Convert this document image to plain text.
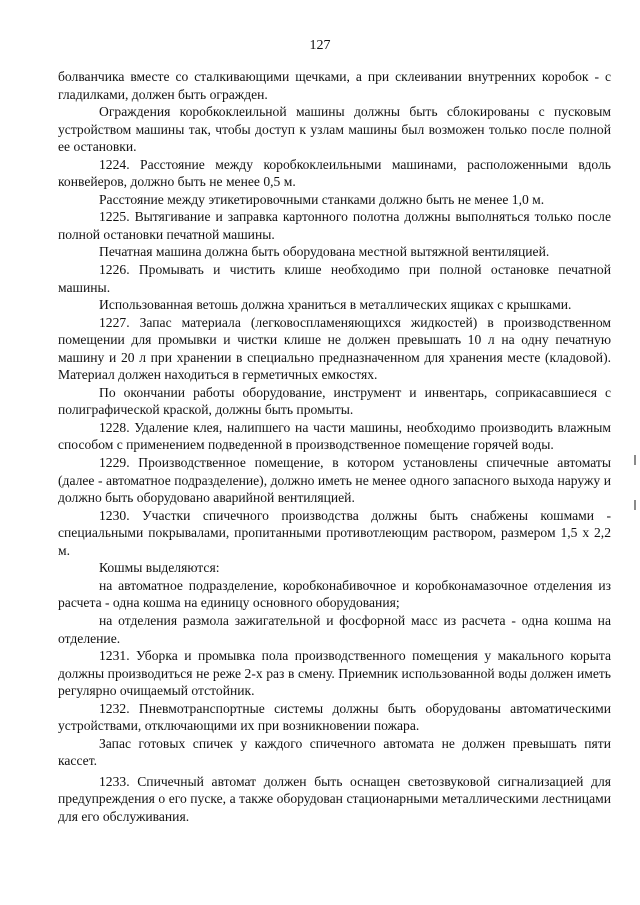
127

болванчика вместе со сталкивающими щечками, а при склеивании внутренних коробок - с гладилками, должен быть огражден.

Ограждения коробкоклеильной машины должны быть сблокированы с пусковым устройством машины так, чтобы доступ к узлам машины был возможен только после полной ее остановки.

1224. Расстояние между коробкоклеильными машинами, расположенными вдоль конвейеров, должно быть не менее 0,5 м.

Расстояние между этикетировочными станками должно быть не менее 1,0 м.

1225. Вытягивание и заправка картонного полотна должны выполняться только после полной остановки печатной машины.

Печатная машина должна быть оборудована местной вытяжной вентиляцией.

1226. Промывать и чистить клише необходимо при полной остановке печатной машины.

Использованная ветошь должна храниться в металлических ящиках с крышками.

1227. Запас материала (легковоспламеняющихся жидкостей) в производственном помещении для промывки и чистки клише не должен превышать 10 л на одну печатную машину и 20 л при хранении в специально предназначенном для хранения месте (кладовой). Материал должен находиться в герметичных емкостях.

По окончании работы оборудование, инструмент и инвентарь, соприкасавшиеся с полиграфической краской, должны быть промыты.

1228. Удаление клея, налипшего на части машины, необходимо производить влажным способом с применением подведенной в производственное помещение горячей воды.

1229. Производственное помещение, в котором установлены спичечные автоматы (далее - автоматное подразделение), должно иметь не менее одного запасного выхода наружу и должно быть оборудовано аварийной вентиляцией.

1230. Участки спичечного производства должны быть снабжены кошмами - специальными покрывалами, пропитанными противотлеющим раствором, размером 1,5 х 2,2 м.

Кошмы выделяются:

на автоматное подразделение, коробконабивочное и коробконамазочное отделения из расчета - одна кошма на единицу основного оборудования;

на отделения размола зажигательной и фосфорной масс из расчета - одна кошма на отделение.

1231. Уборка и промывка пола производственного помещения у макального корыта должны производиться не реже 2-х раз в смену. Приемник использованной воды должен иметь регулярно очищаемый отстойник.

1232. Пневмотранспортные системы должны быть оборудованы автоматическими устройствами, отключающими их при возникновении пожара.

Запас готовых спичек у каждого спичечного автомата не должен превышать пяти кассет.

1233. Спичечный автомат должен быть оснащен светозвуковой сигнализацией для предупреждения о его пуске, а также оборудован стационарными металлическими лестницами для его обслуживания.
